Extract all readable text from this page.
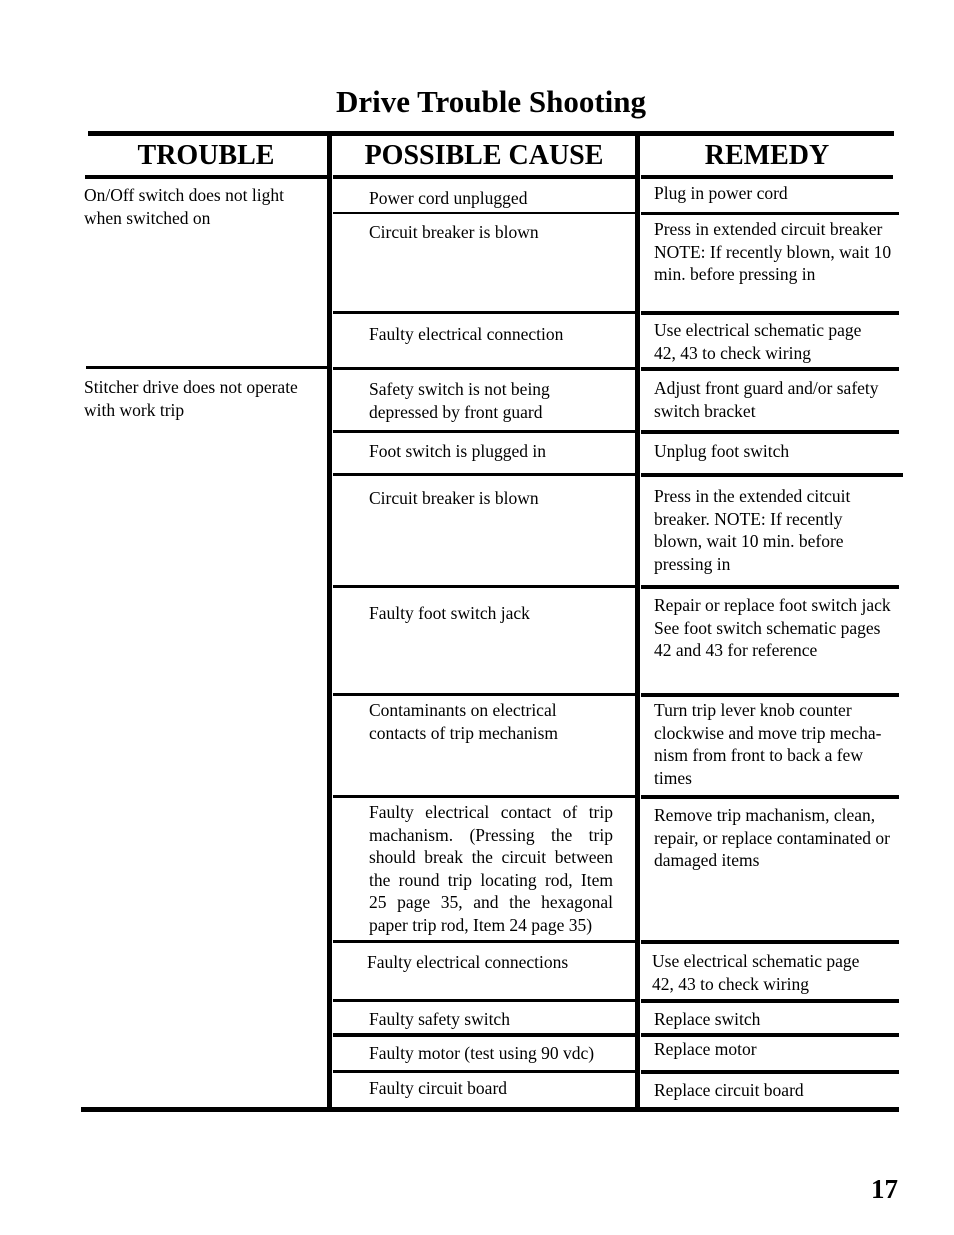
Drive Trouble Shooting
TROUBLE	POSSIBLE CAUSE	REMEDY
On/Off switch does not light when switched on
Stitcher drive does not operate with work trip
Power cord unplugged
Circuit breaker is blown
Faulty electrical connection
Safety switch is not being depressed by front guard
Foot switch is plugged in
Circuit breaker is blown
Faulty foot switch jack
Contaminants on electrical contacts of trip mechanism
Faulty electrical contact of trip machanism. (Pressing the trip should break the circuit between the round trip locating rod, Item 25 page 35, and the hexagonal paper trip rod, Item 24 page 35)
Faulty electrical connections
Faulty safety switch
Faulty motor (test using 90 vdc)
Faulty circuit board
Plug in power cord
Press in extended circuit breaker
NOTE: If recently blown, wait 10 min. before pressing in
Use electrical schematic page 42, 43 to check wiring
Adjust front guard and/or safety switch bracket
Unplug foot switch
Press in the extended citcuit breaker. NOTE: If recently blown, wait 10 min. before pressing in
Repair or replace foot switch jack
See foot switch schematic pages 42 and 43 for reference
Turn trip lever knob counter clockwise and move trip mecha-nism from front to back a few times
Remove trip machanism, clean, repair, or replace contaminated or damaged items
Use electrical schematic page 42, 43 to check wiring
Replace switch
Replace motor
Replace circuit board
17
